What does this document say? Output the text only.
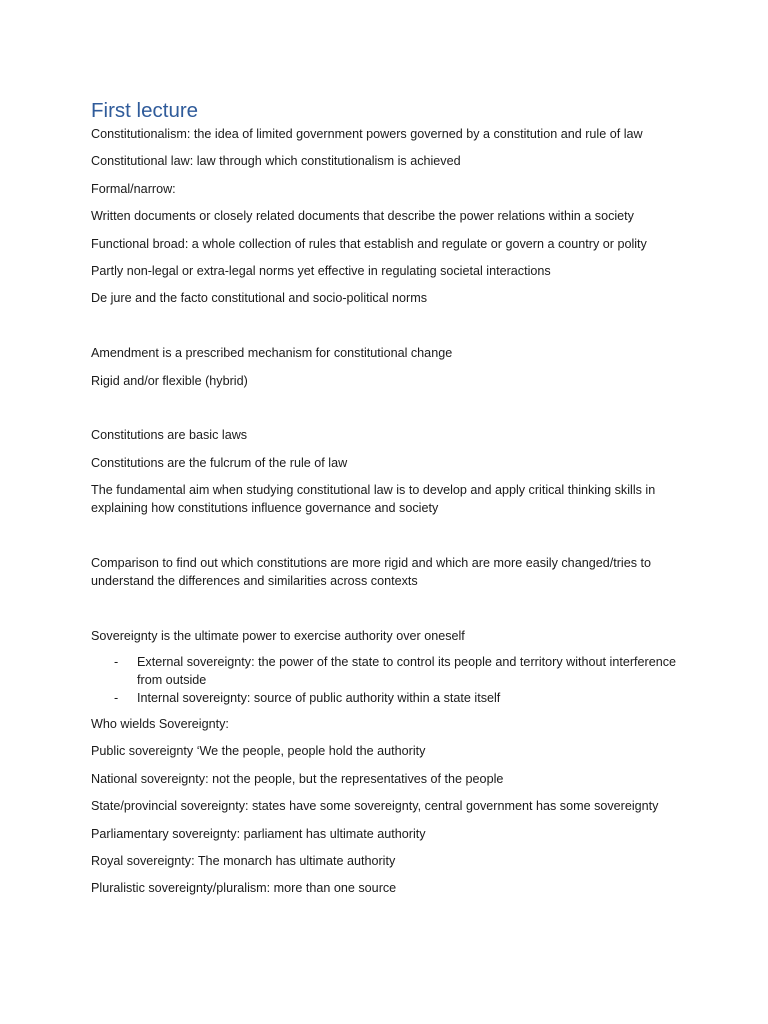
First lecture

Constitutionalism: the idea of limited government powers governed by a constitution and rule of law

Constitutional law: law through which constitutionalism is achieved

Formal/narrow:

Written documents or closely related documents that describe the power relations within a society

Functional broad: a whole collection of rules that establish and regulate or govern a country or polity

Partly non-legal or extra-legal norms yet effective in regulating societal interactions

De jure and the facto constitutional and socio-political norms

Amendment is a prescribed mechanism for constitutional change

Rigid and/or flexible (hybrid)

Constitutions are basic laws

Constitutions are the fulcrum of the rule of law

The fundamental aim when studying constitutional law is to develop and apply critical thinking skills in explaining how constitutions influence governance and society

Comparison to find out which constitutions are more rigid and which are more easily changed/tries to understand the differences and similarities across contexts

Sovereignty is the ultimate power to exercise authority over oneself

- External sovereignty: the power of the state to control its people and territory without interference from outside
- Internal sovereignty: source of public authority within a state itself

Who wields Sovereignty:

Public sovereignty ‘We the people, people hold the authority

National sovereignty: not the people, but the representatives of the people

State/provincial sovereignty: states have some sovereignty, central government has some sovereignty

Parliamentary sovereignty: parliament has ultimate authority

Royal sovereignty: The monarch has ultimate authority

Pluralistic sovereignty/pluralism: more than one source
